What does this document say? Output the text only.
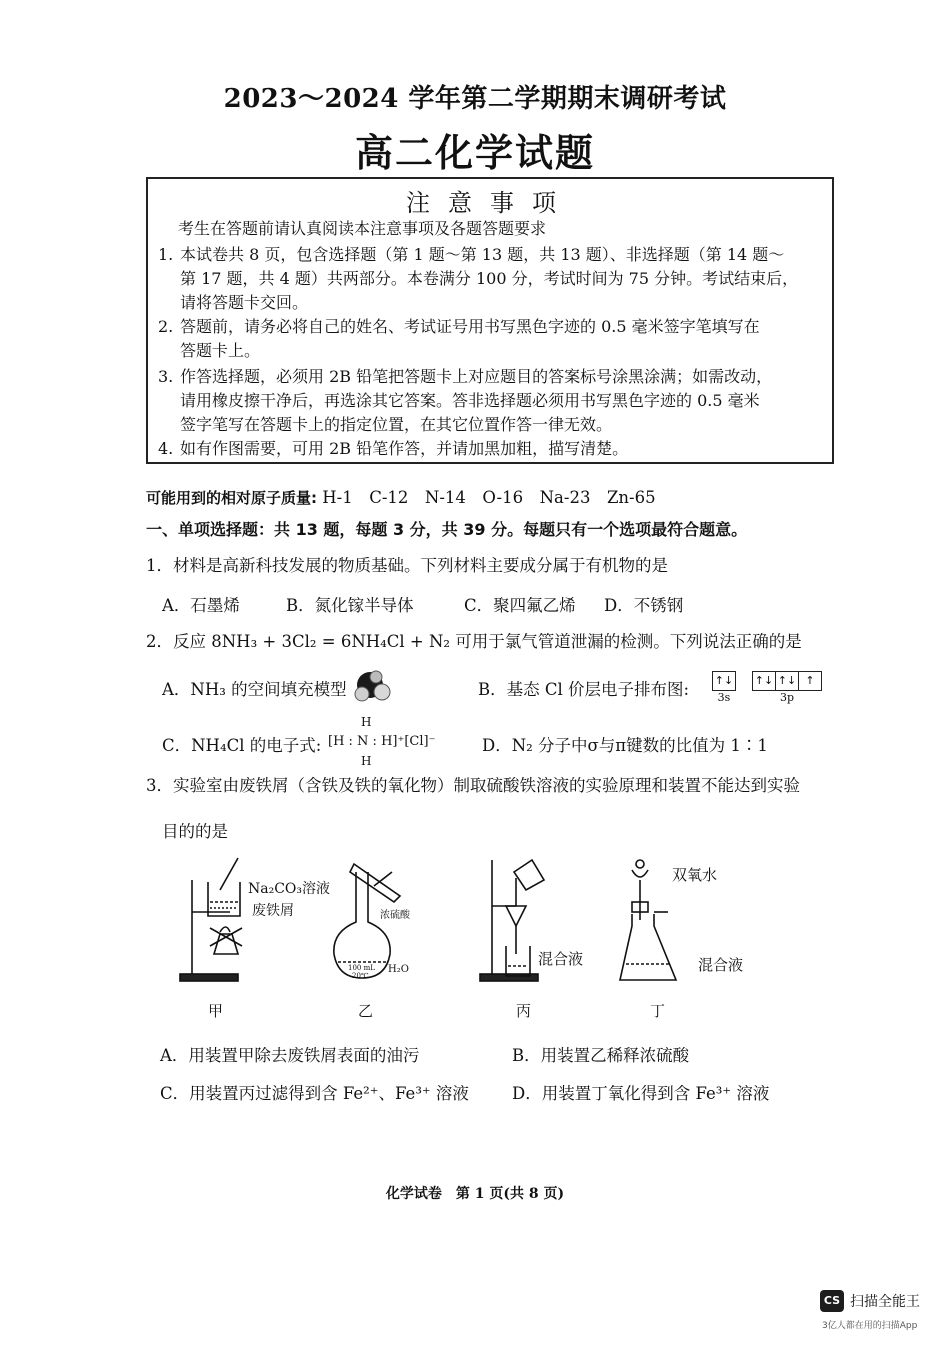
2023～2024 学年第二学期期末调研考试
高二化学试题
注意事项
考生在答题前请认真阅读本注意事项及各题答题要求
1. 本试卷共 8 页，包含选择题（第 1 题～第 13 题，共 13 题）、非选择题（第 14 题～
第 17 题，共 4 题）共两部分。本卷满分 100 分，考试时间为 75 分钟。考试结束后，
请将答题卡交回。
2. 答题前，请务必将自己的姓名、考试证号用书写黑色字迹的 0.5 毫米签字笔填写在
答题卡上。
3. 作答选择题，必须用 2B 铅笔把答题卡上对应题目的答案标号涂黑涂满；如需改动，
请用橡皮擦干净后，再选涂其它答案。答非选择题必须用书写黑色字迹的 0.5 毫米
签字笔写在答题卡上的指定位置，在其它位置作答一律无效。
4. 如有作图需要，可用 2B 铅笔作答，并请加黑加粗，描写清楚。
可能用到的相对原子质量: H-1　C-12　N-14　O-16　Na-23　Zn-65
一、单项选择题：共 13 题，每题 3 分，共 39 分。每题只有一个选项最符合题意。
1．材料是高新科技发展的物质基础。下列材料主要成分属于有机物的是
A．石墨烯	B．氮化镓半导体	C．聚四氟乙烯 D．不锈钢
2．反应 8NH₃ + 3Cl₂ = 6NH₄Cl + N₂ 可用于氯气管道泄漏的检测。下列说法正确的是
A．NH₃ 的空间填充模型	B．基态 Cl 价层电子排布图: ↑↓
3s
↑↓ ↑↓ ↑
3p
C．NH₄Cl 的电子式:
H
[H : N : H]⁺[Cl]⁻
H
D．N₂ 分子中σ与π键数的比值为 1∶1
3．实验室由废铁屑（含铁及铁的氧化物）制取硫酸铁溶液的实验原理和装置不能达到实验
目的的是
Na₂CO₃溶液
废铁屑	浓硫酸
100 mL
20℃
H₂O
混合液
双氧水
混合液
甲	乙	丙	丁
A．用装置甲除去废铁屑表面的油污	B．用装置乙稀释浓硫酸
C．用装置丙过滤得到含 Fe²⁺、Fe³⁺ 溶液	D．用装置丁氧化得到含 Fe³⁺ 溶液
化学试卷　第 1 页(共 8 页)
CS 扫描全能王
3亿人都在用的扫描App
